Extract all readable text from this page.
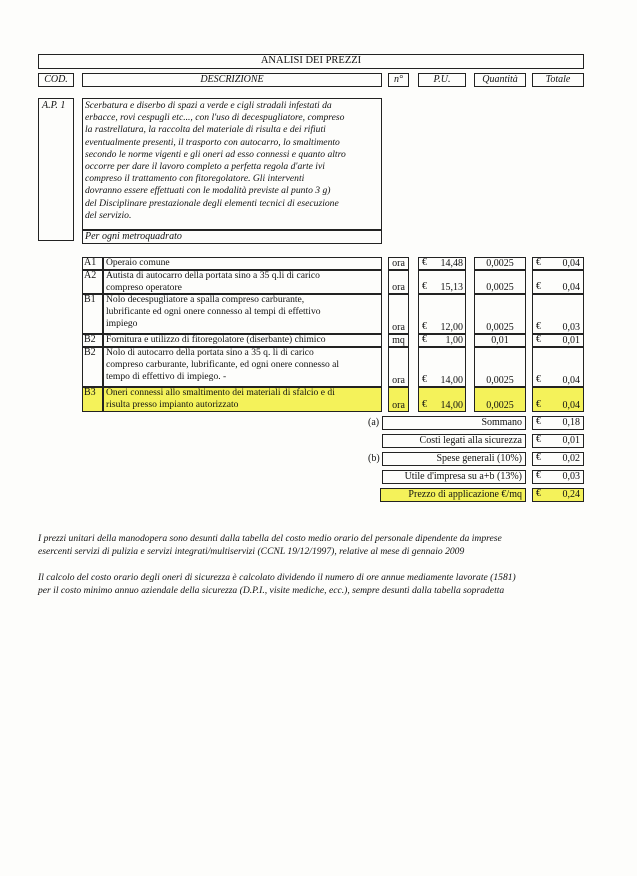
ANALISI DEI PREZZI
COD.	DESCRIZIONE	n°	P.U.	Quantità	Totale
A.P. 1 Scerbatura e diserbo di spazi a verde e cigli stradali infestati da
erbacce, rovi cespugli etc..., con l'uso di decespugliatore, compreso
la rastrellatura, la raccolta del materiale di risulta e dei rifiuti
eventualmente presenti, il trasporto con autocarro, lo smaltimento
secondo le norme vigenti e gli oneri ad esso connessi e quanto altro
occorre per dare il lavoro completo a perfetta regola d'arte ivi
compreso il trattamento con fitoregolatore. Gli interventi
dovranno essere effettuati con le modalità previste al punto 3 g)
del Disciplinare prestazionale degli elementi tecnici di esecuzione
del servizio.
Per ogni metroquadrato
A1 Operaio comune	ora	€	14,48	0,0025	€	0,04
A2 Autista di autocarro della portata sino a 35 q.li di carico
compreso operatore	ora	€	15,13	0,0025	€	0,04
B1 Nolo decespugliatore a spalla compreso carburante,
lubrificante ed ogni onere connesso al tempi di effettivo
impiego	ora	€	12,00	0,0025	€	0,03
B2 Fornitura e utilizzo di fitoregolatore (diserbante) chimico	mq	€	1,00	0,01	€	0,01
B2 Nolo di autocarro della portata sino a 35 q. li di carico
compreso carburante, lubrificante, ed ogni onere connesso al
tempo di effettivo di impiego. -	ora	€	14,00	0,0025	€	0,04
B3 Oneri connessi allo smaltimento dei materiali di sfalcio e di
risulta presso impianto autorizzato	ora	€	14,00	0,0025	€	0,04
(a)	Sommano €	0,18
Costi legati alla sicurezza €	0,01
(b)	Spese generali (10%) €	0,02
Utile d'impresa su a+b (13%) €	0,03
Prezzo di applicazione €/mq €	0,24
I prezzi unitari della manodopera sono desunti dalla tabella del costo medio orario del personale dipendente da imprese
esercenti servizi di pulizia e servizi integrati/multiservizi (CCNL 19/12/1997), relative al mese di gennaio 2009
Il calcolo del costo orario degli oneri di sicurezza è calcolato dividendo il numero di ore annue mediamente lavorate (1581)
per il costo minimo annuo aziendale della sicurezza (D.P.I., visite mediche, ecc.), sempre desunti dalla tabella sopradetta
